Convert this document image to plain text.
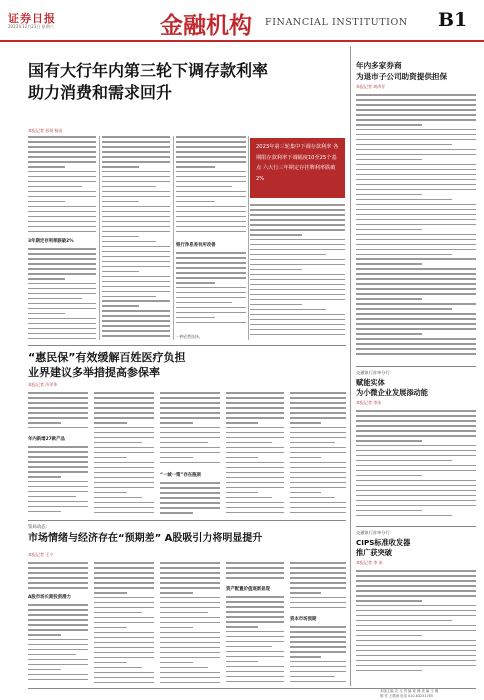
证券日报
2023年12月23日 星期六	金融机构 FINANCIAL INSTITUTION B1
国有大行年内第三轮下调存款利率
助力消费和需求回升
本报记者 彭妍 杨洁
3年期定存利率跌破2%
银行净息差有所改善
一种必然选择。
2023年第三轮集中下调存款利率 各期限存款利率下调幅度10至25个基点 六大行三年期定存挂牌利率跌破2%
年内多家券商
为退市子公司助资提供担保
本报记者 周尚伃
“惠民保”有效缓解百姓医疗负担
业界建议多举措提高参保率
本报记者 冷翠华
年内新增27款产品
“一城一策”存在瓶颈
鉴局动态:
市场情绪与经济存在“预期差” A股吸引力将明显提升
本报记者 王宁
A股市场长期投资潜力
资产配置价值逐渐显现
资本市场预期
交通银行首单分行:
赋能实体
为小微企业发展添动能
本报记者 李冰
交通银行首单分行:
CIPS标准收发器
推广获突破
本报记者 李 冰
本版主编 袁 元 责 编 姜 楠 美 编 王 琳
制 作 王敬涛 电话 010-83251785
